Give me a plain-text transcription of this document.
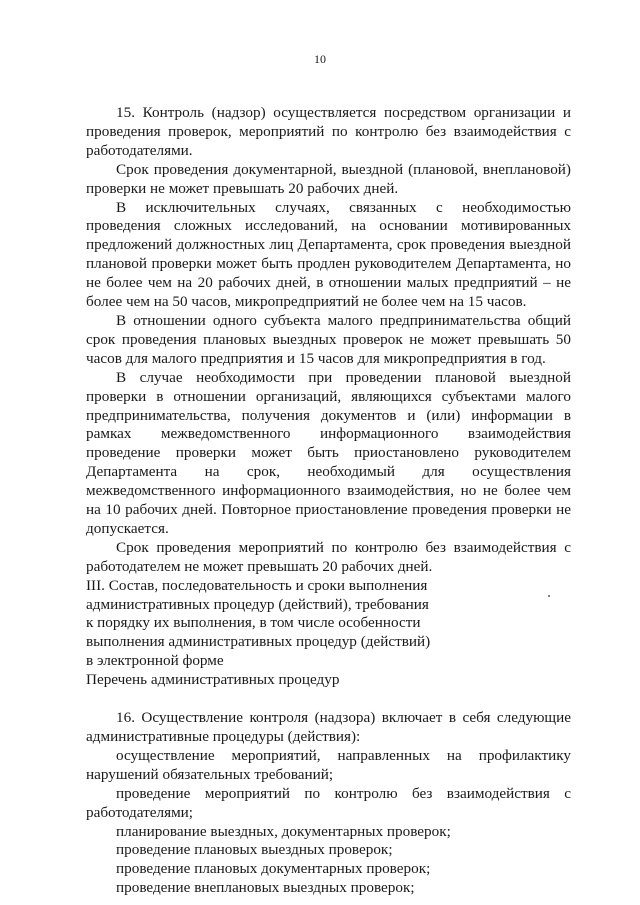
10

15. Контроль (надзор) осуществляется посредством организации и проведения проверок, мероприятий по контролю без взаимодействия с работодателями.

Срок проведения документарной, выездной (плановой, внеплановой) проверки не может превышать 20 рабочих дней.

В исключительных случаях, связанных с необходимостью проведения сложных исследований, на основании мотивированных предложений должностных лиц Департамента, срок проведения выездной плановой проверки может быть продлен руководителем Департамента, но не более чем на 20 рабочих дней, в отношении малых предприятий – не более чем на 50 часов, микропредприятий не более чем на 15 часов.

В отношении одного субъекта малого предпринимательства общий срок проведения плановых выездных проверок не может превышать 50 часов для малого предприятия и 15 часов для микропредприятия в год.

В случае необходимости при проведении плановой выездной проверки в отношении организаций, являющихся субъектами малого предпринимательства, получения документов и (или) информации в рамках межведомственного информационного взаимодействия проведение проверки может быть приостановлено руководителем Департамента на срок, необходимый для осуществления межведомственного информационного взаимодействия, но не более чем на 10 рабочих дней. Повторное приостановление проведения проверки не допускается.

Срок проведения мероприятий по контролю без взаимодействия с работодателем не может превышать 20 рабочих дней.

III. Состав, последовательность и сроки выполнения
административных процедур (действий), требования
к порядку их выполнения, в том числе особенности
выполнения административных процедур (действий)
в электронной форме

Перечень административных процедур

16. Осуществление контроля (надзора) включает в себя следующие административные процедуры (действия):

осуществление мероприятий, направленных на профилактику нарушений обязательных требований;

проведение мероприятий по контролю без взаимодействия с работодателями;

планирование выездных, документарных проверок;

проведение плановых выездных проверок;

проведение плановых документарных проверок;

проведение внеплановых выездных проверок;
